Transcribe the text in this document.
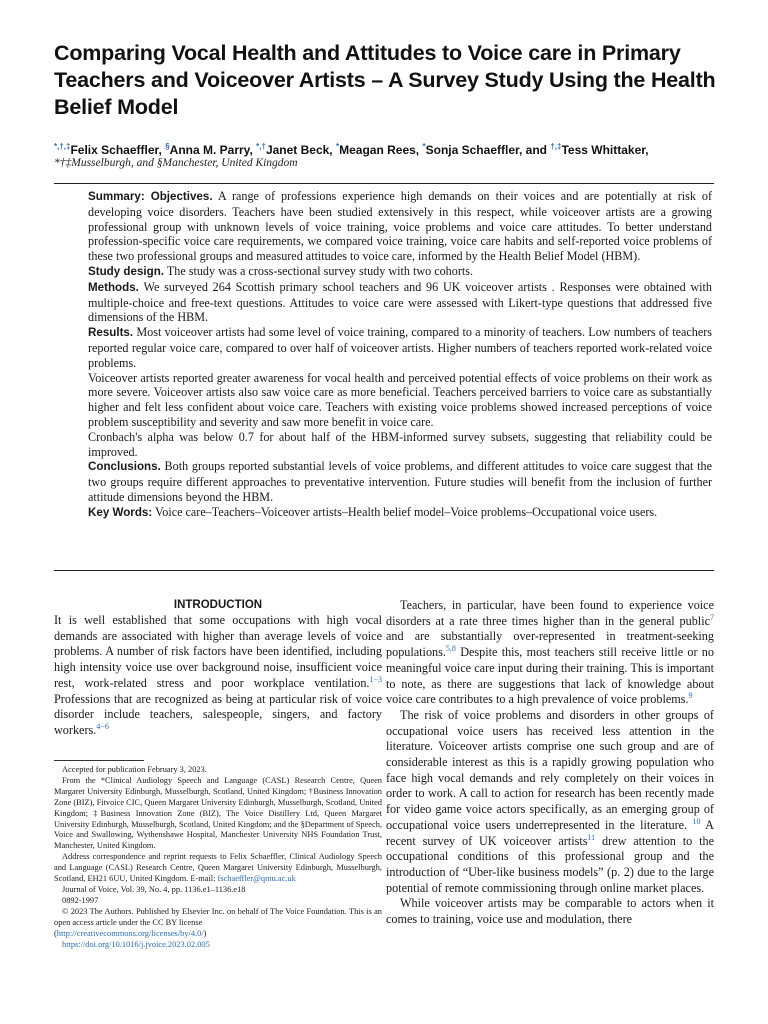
Comparing Vocal Health and Attitudes to Voice care in Primary Teachers and Voiceover Artists – A Survey Study Using the Health Belief Model
*,†,‡Felix Schaeffler, §Anna M. Parry, *,†Janet Beck, *Meagan Rees, *Sonja Schaeffler, and †,‡Tess Whittaker,
*†‡Musselburgh, and §Manchester, United Kingdom

Summary: Objectives. A range of professions experience high demands on their voices and are potentially at risk of developing voice disorders. Teachers have been studied extensively in this respect, while voiceover artists are a growing professional group with unknown levels of voice training, voice problems and voice care attitudes. To better understand profession-specific voice care requirements, we compared voice training, voice care habits and self-reported voice problems of these two professional groups and measured attitudes to voice care, informed by the Health Belief Model (HBM).

Study design. The study was a cross-sectional survey study with two cohorts.

Methods. We surveyed 264 Scottish primary school teachers and 96 UK voiceover artists . Responses were obtained with multiple-choice and free-text questions. Attitudes to voice care were assessed with Likert-type questions that addressed five dimensions of the HBM.

Results. Most voiceover artists had some level of voice training, compared to a minority of teachers. Low numbers of teachers reported regular voice care, compared to over half of voiceover artists. Higher numbers of teachers reported work-related voice problems.

Voiceover artists reported greater awareness for vocal health and perceived potential effects of voice problems on their work as more severe. Voiceover artists also saw voice care as more beneficial. Teachers perceived barriers to voice care as substantially higher and felt less confident about voice care. Teachers with existing voice problems showed increased perceptions of voice problem susceptibility and severity and saw more benefit in voice care.

Cronbach's alpha was below 0.7 for about half of the HBM-informed survey subsets, suggesting that reliability could be improved.

Conclusions. Both groups reported substantial levels of voice problems, and different attitudes to voice care suggest that the two groups require different approaches to preventative intervention. Future studies will benefit from the inclusion of further attitude dimensions beyond the HBM.

Key Words: Voice care–Teachers–Voiceover artists–Health belief model–Voice problems–Occupational voice users.

INTRODUCTION

It is well established that some occupations with high vocal demands are associated with higher than average levels of voice problems. A number of risk factors have been identified, including high intensity voice use over background noise, insufficient voice rest, work-related stress and poor workplace ventilation.$^{1-3}$ Professions that are recognized as being at particular risk of voice disorder include teachers, salespeople, singers, and factory workers.$^{4-6}$

Accepted for publication February 3, 2023.

From the *Clinical Audiology Speech and Language (CASL) Research Centre, Queen Margaret University Edinburgh, Musselburgh, Scotland, United Kingdom; †Business Innovation Zone (BIZ), Fitvoice CIC, Queen Margaret University Edinburgh, Musselburgh, Scotland, United Kingdom; ‡Business Innovation Zone (BIZ), The Voice Distillery Ltd, Queen Margaret University Edinburgh, Musselburgh, Scotland, United Kingdom; and the §Department of Speech, Voice and Swallowing, Wythenshawe Hospital, Manchester University NHS Foundation Trust, Manchester, United Kingdom.

Address correspondence and reprint requests to Felix Schaeffler, Clinical Audiology Speech and Language (CASL) Research Centre, Queen Margaret University Edinburgh, Musselburgh, Scotland, EH21 6UU, United Kingdom. E-mail: fschaeffler@qmu.ac.uk

Journal of Voice, Vol. 39, No. 4, pp. 1136.e1–1136.e18

0892-1997

© 2023 The Authors. Published by Elsevier Inc. on behalf of The Voice Foundation. This is an open access article under the CC BY license

(http://creativecommons.org/licenses/by/4.0/)

https://doi.org/10.1016/j.jvoice.2023.02.005

Teachers, in particular, have been found to experience voice disorders at a rate three times higher than in the general public$^7$ and are substantially over-represented in treatment-seeking populations.$^{5,8}$ Despite this, most teachers still receive little or no meaningful voice care input during their training. This is important to note, as there are suggestions that lack of knowledge about voice care contributes to a high prevalence of voice problems.$^9$

The risk of voice problems and disorders in other groups of occupational voice users has received less attention in the literature. Voiceover artists comprise one such group and are of considerable interest as this is a rapidly growing population who face high vocal demands and rely completely on their voices in order to work. A call to action for research has been recently made for video game voice actors specifically, as an emerging group of occupational voice users underrepresented in the literature. $^{10}$ A recent survey of UK voiceover artists$^{11}$ drew attention to the occupational conditions of this professional group and the introduction of “Uber-like business models” (p. 2) due to the large potential of remote commissioning through online market places.

While voiceover artists may be comparable to actors when it comes to training, voice use and modulation, there
